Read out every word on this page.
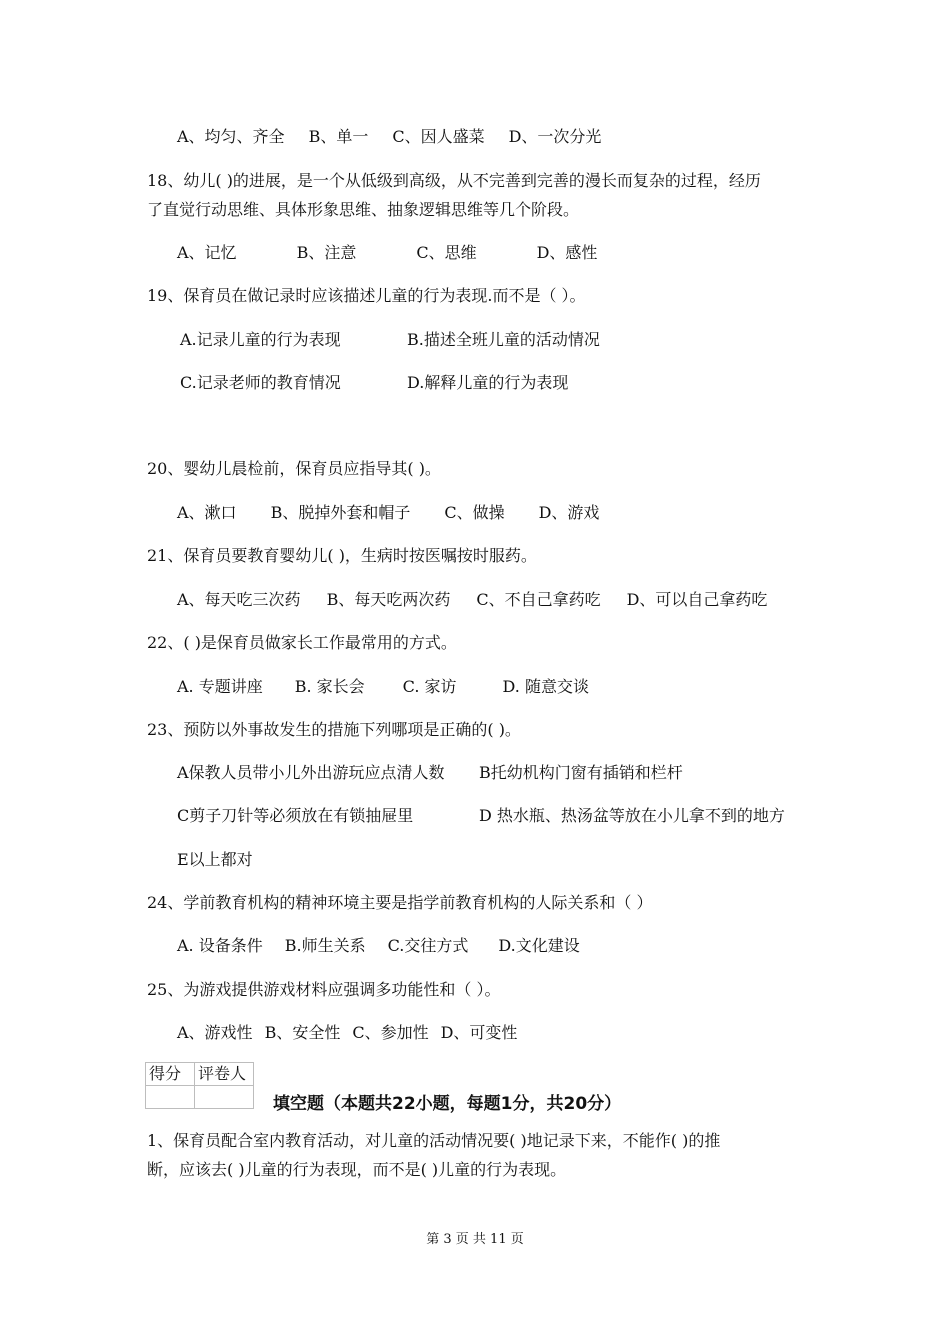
A、均匀、齐全 B、单一 C、因人盛菜 D、一次分光
18、幼儿( )的进展，是一个从低级到高级，从不完善到完善的漫长而复杂的过程，经历
了直觉行动思维、具体形象思维、抽象逻辑思维等几个阶段。
A、记忆	B、注意	C、思维	D、感性
19、保育员在做记录时应该描述儿童的行为表现.而不是（ ）。
A.记录儿童的行为表现	B.描述全班儿童的活动情况
C.记录老师的教育情况	D.解释儿童的行为表现
20、婴幼儿晨检前，保育员应指导其( )。
A、漱口 B、脱掉外套和帽子 C、做操 D、游戏
21、保育员要教育婴幼儿( )，生病时按医嘱按时服药。
A、每天吃三次药 B、每天吃两次药 C、不自己拿药吃 D、可以自己拿药吃
22、( )是保育员做家长工作最常用的方式。
A. 专题讲座 B. 家长会 C. 家访	D. 随意交谈
23、预防以外事故发生的措施下列哪项是正确的( )。
A保教人员带小儿外出游玩应点清人数 B托幼机构门窗有插销和栏杆
C剪子刀针等必须放在有锁抽屉里	D 热水瓶、热汤盆等放在小儿拿不到的地方
E以上都对
24、学前教育机构的精神环境主要是指学前教育机构的人际关系和（ ）
A. 设备条件 B.师生关系 C.交往方式 D.文化建设
25、为游戏提供游戏材料应强调多功能性和（ ）。
A、游戏性 B、安全性 C、参加性 D、可变性
得分	评卷人

填空题（本题共22小题，每题1分，共20分）
1、保育员配合室内教育活动，对儿童的活动情况要( )地记录下来，不能作( )的推
断，应该去( )儿童的行为表现，而不是( )儿童的行为表现。
第 3 页 共 11 页
